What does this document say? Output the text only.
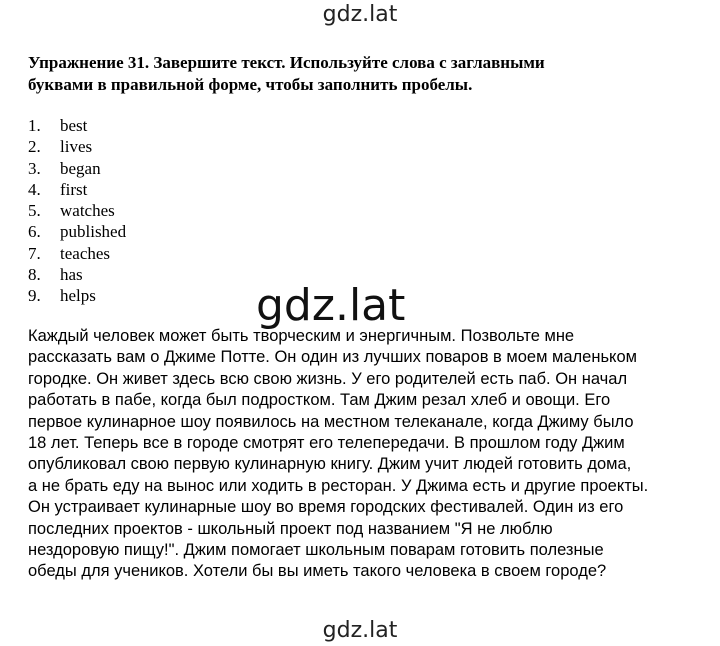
gdz.lat
Упражнение 31. Завершите текст. Используйте слова с заглавными
буквами в правильной форме, чтобы заполнить пробелы.
1.	best
2.	lives
3.	began
4.	first
5.	watches
6.	published
7.	teaches
8.	has
9.	helps
Каждый человек может быть творческим и энергичным. Позвольте мне
рассказать вам о Джиме Потте. Он один из лучших поваров в моем маленьком
городке. Он живет здесь всю свою жизнь. У его родителей есть паб. Он начал
работать в пабе, когда был подростком. Там Джим резал хлеб и овощи. Его
первое кулинарное шоу появилось на местном телеканале, когда Джиму было
18 лет. Теперь все в городе смотрят его телепередачи. В прошлом году Джим
опубликовал свою первую кулинарную книгу. Джим учит людей готовить дома,
а не брать еду на вынос или ходить в ресторан. У Джима есть и другие проекты.
Он устраивает кулинарные шоу во время городских фестивалей. Один из его
последних проектов - школьный проект под названием "Я не люблю
нездоровую пищу!". Джим помогает школьным поварам готовить полезные
обеды для учеников. Хотели бы вы иметь такого человека в своем городе?
gdz.lat
gdz.lat
